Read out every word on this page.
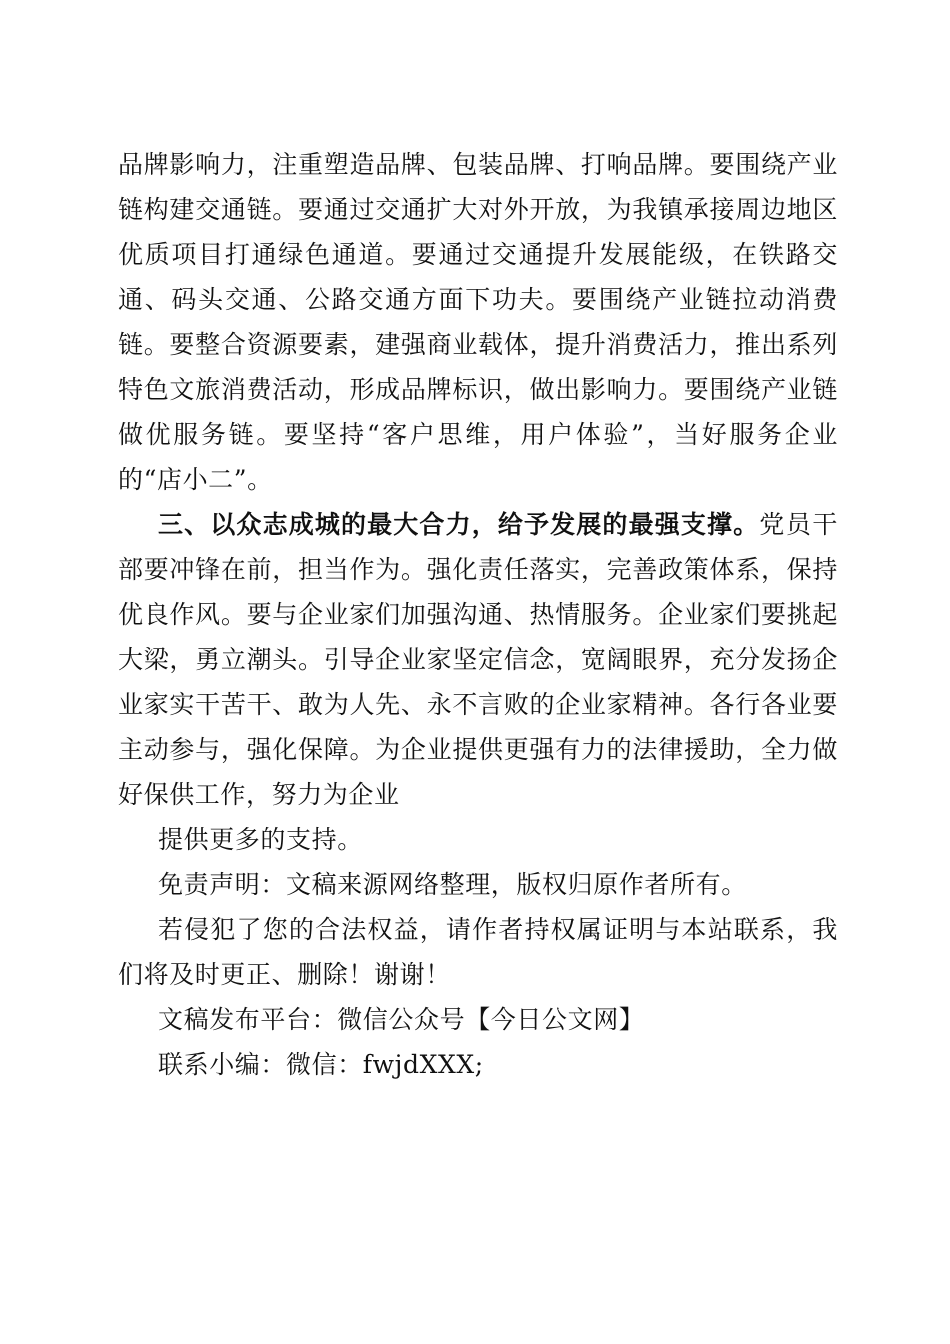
品牌影响力，注重塑造品牌、包装品牌、打响品牌。要围绕产业链构建交通链。要通过交通扩大对外开放，为我镇承接周边地区优质项目打通绿色通道。要通过交通提升发展能级，在铁路交通、码头交通、公路交通方面下功夫。要围绕产业链拉动消费链。要整合资源要素，建强商业载体，提升消费活力，推出系列特色文旅消费活动，形成品牌标识，做出影响力。要围绕产业链做优服务链。要坚持“客户思维，用户体验”，当好服务企业的“店小二”。

三、以众志成城的最大合力，给予发展的最强支撑。党员干部要冲锋在前，担当作为。强化责任落实，完善政策体系，保持优良作风。要与企业家们加强沟通、热情服务。企业家们要挑起大梁，勇立潮头。引导企业家坚定信念，宽阔眼界，充分发扬企业家实干苦干、敢为人先、永不言败的企业家精神。各行各业要主动参与，强化保障。为企业提供更强有力的法律援助，全力做好保供工作，努力为企业

提供更多的支持。

免责声明：文稿来源网络整理，版权归原作者所有。

若侵犯了您的合法权益，请作者持权属证明与本站联系，我们将及时更正、删除！谢谢！

文稿发布平台：微信公众号【今日公文网】

联系小编：微信：fwjdXXX;
